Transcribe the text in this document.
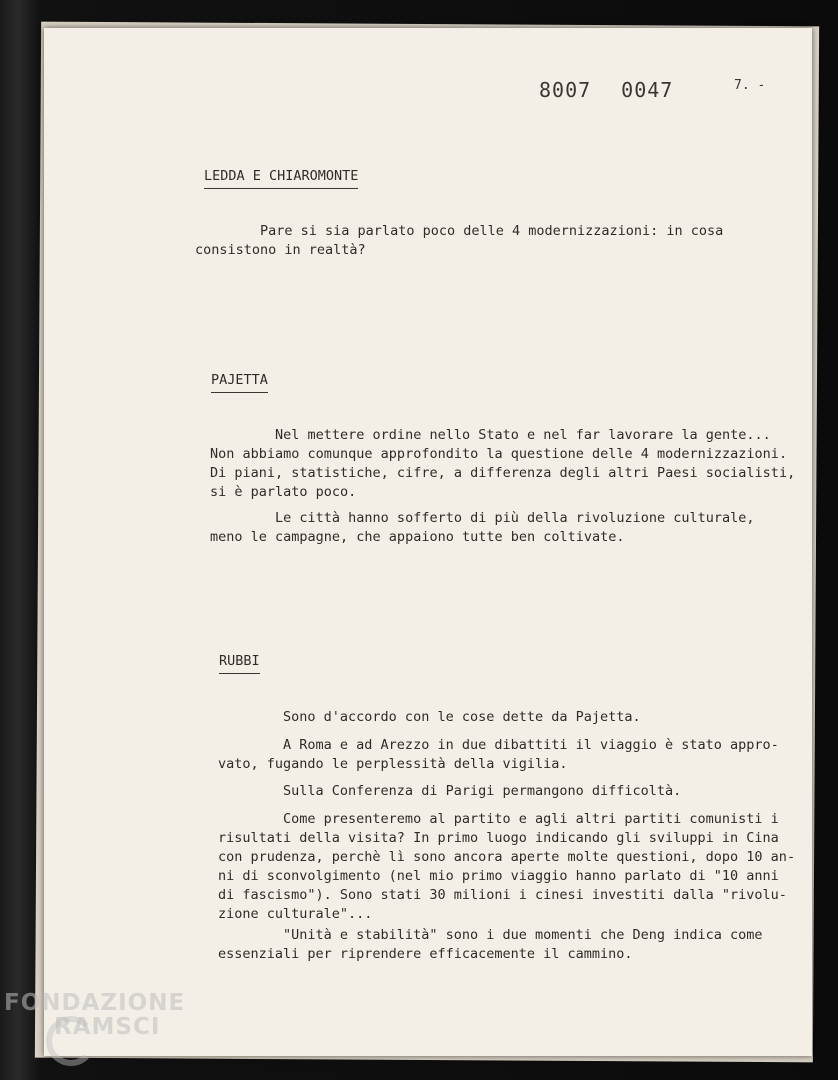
8007 0047	7. -
LEDDA E CHIAROMONTE
Pare si sia parlato poco delle 4 modernizzazioni: in cosa
consistono in realtà?
PAJETTA
Nel mettere ordine nello Stato e nel far lavorare la gente...
Non abbiamo comunque approfondito la questione delle 4 modernizzazioni.
Di piani, statistiche, cifre, a differenza degli altri Paesi socialisti,
si è parlato poco.
Le città hanno sofferto di più della rivoluzione culturale,
meno le campagne, che appaiono tutte ben coltivate.
RUBBI
Sono d'accordo con le cose dette da Pajetta.
A Roma e ad Arezzo in due dibattiti il viaggio è stato appro-
vato, fugando le perplessità della vigilia.
Sulla Conferenza di Parigi permangono difficoltà.
Come presenteremo al partito e agli altri partiti comunisti i
risultati della visita? In primo luogo indicando gli sviluppi in Cina
con prudenza, perchè lì sono ancora aperte molte questioni, dopo 10 an-
ni di sconvolgimento (nel mio primo viaggio hanno parlato di "10 anni
di fascismo"). Sono stati 30 milioni i cinesi investiti dalla "rivolu-
zione culturale"...
"Unità e stabilità" sono i due momenti che Deng indica come
essenziali per riprendere efficacemente il cammino.
FONDAZIONE
RAMSCI
